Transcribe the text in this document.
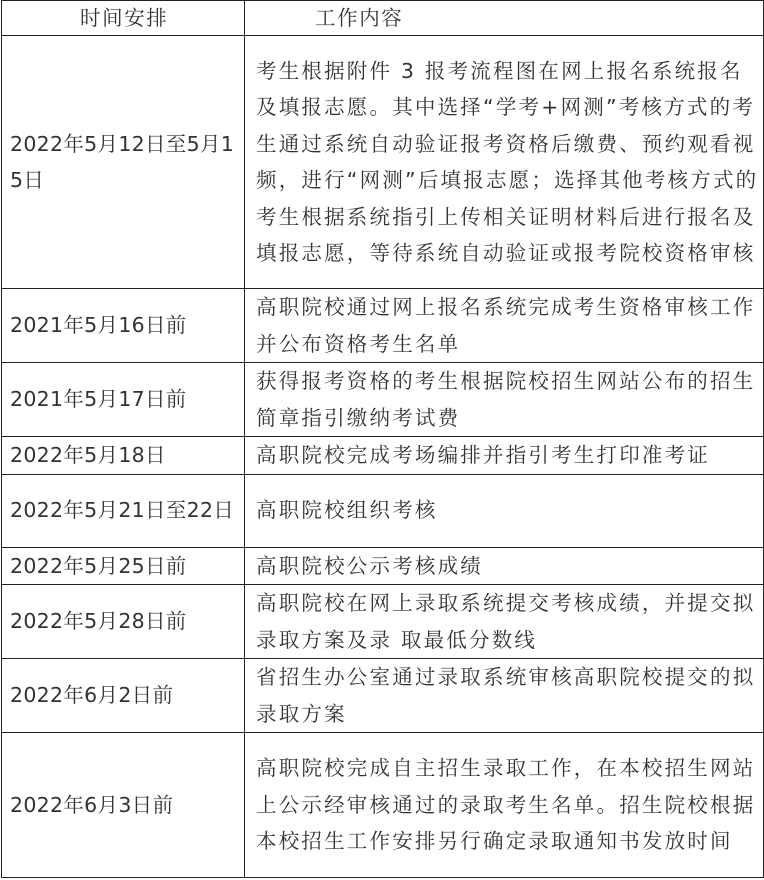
时间安排	工作内容
2022年5月12日至5月15日	考生根据附件 3 报考流程图在网上报名系统报名及填报志愿。其中选择“学考+网测”考核方式的考生通过系统自动验证报考资格后缴费、预约观看视频，进行“网测”后填报志愿；选择其他考核方式的考生根据系统指引上传相关证明材料后进行报名及填报志愿，等待系统自动验证或报考院校资格审核
2021年5月16日前	高职院校通过网上报名系统完成考生资格审核工作并公布资格考生名单
2021年5月17日前	获得报考资格的考生根据院校招生网站公布的招生简章指引缴纳考试费
2022年5月18日	高职院校完成考场编排并指引考生打印准考证
2022年5月21日至22日	高职院校组织考核
2022年5月25日前	高职院校公示考核成绩
2022年5月28日前	高职院校在网上录取系统提交考核成绩，并提交拟录取方案及录 取最低分数线
2022年6月2日前	省招生办公室通过录取系统审核高职院校提交的拟录取方案
2022年6月3日前	高职院校完成自主招生录取工作，在本校招生网站上公示经审核通过的录取考生名单。招生院校根据本校招生工作安排另行确定录取通知书发放时间
